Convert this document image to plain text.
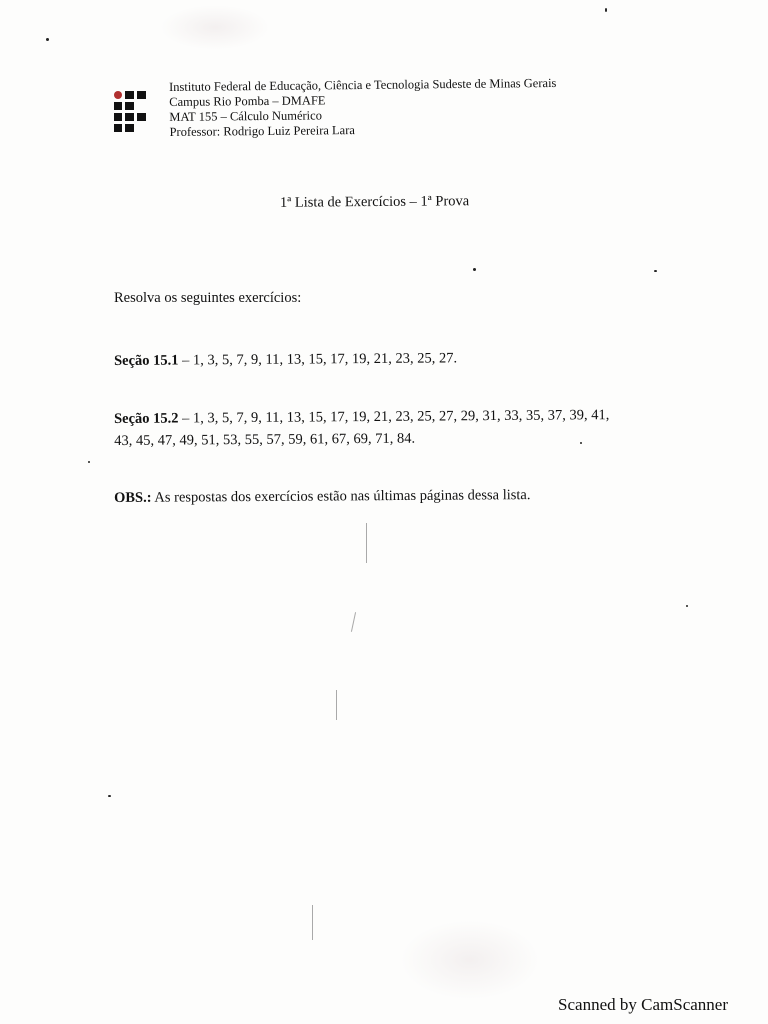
Instituto Federal de Educação, Ciência e Tecnologia Sudeste de Minas Gerais
Campus Rio Pomba – DMAFE
MAT 155 – Cálculo Numérico
Professor: Rodrigo Luiz Pereira Lara
1ª Lista de Exercícios – 1ª Prova
Resolva os seguintes exercícios:
Seção 15.1 – 1, 3, 5, 7, 9, 11, 13, 15, 17, 19, 21, 23, 25, 27.
Seção 15.2 – 1, 3, 5, 7, 9, 11, 13, 15, 17, 19, 21, 23, 25, 27, 29, 31, 33, 35, 37, 39, 41,
43, 45, 47, 49, 51, 53, 55, 57, 59, 61, 67, 69, 71, 84.
OBS.: As respostas dos exercícios estão nas últimas páginas dessa lista.
Scanned by CamScanner
